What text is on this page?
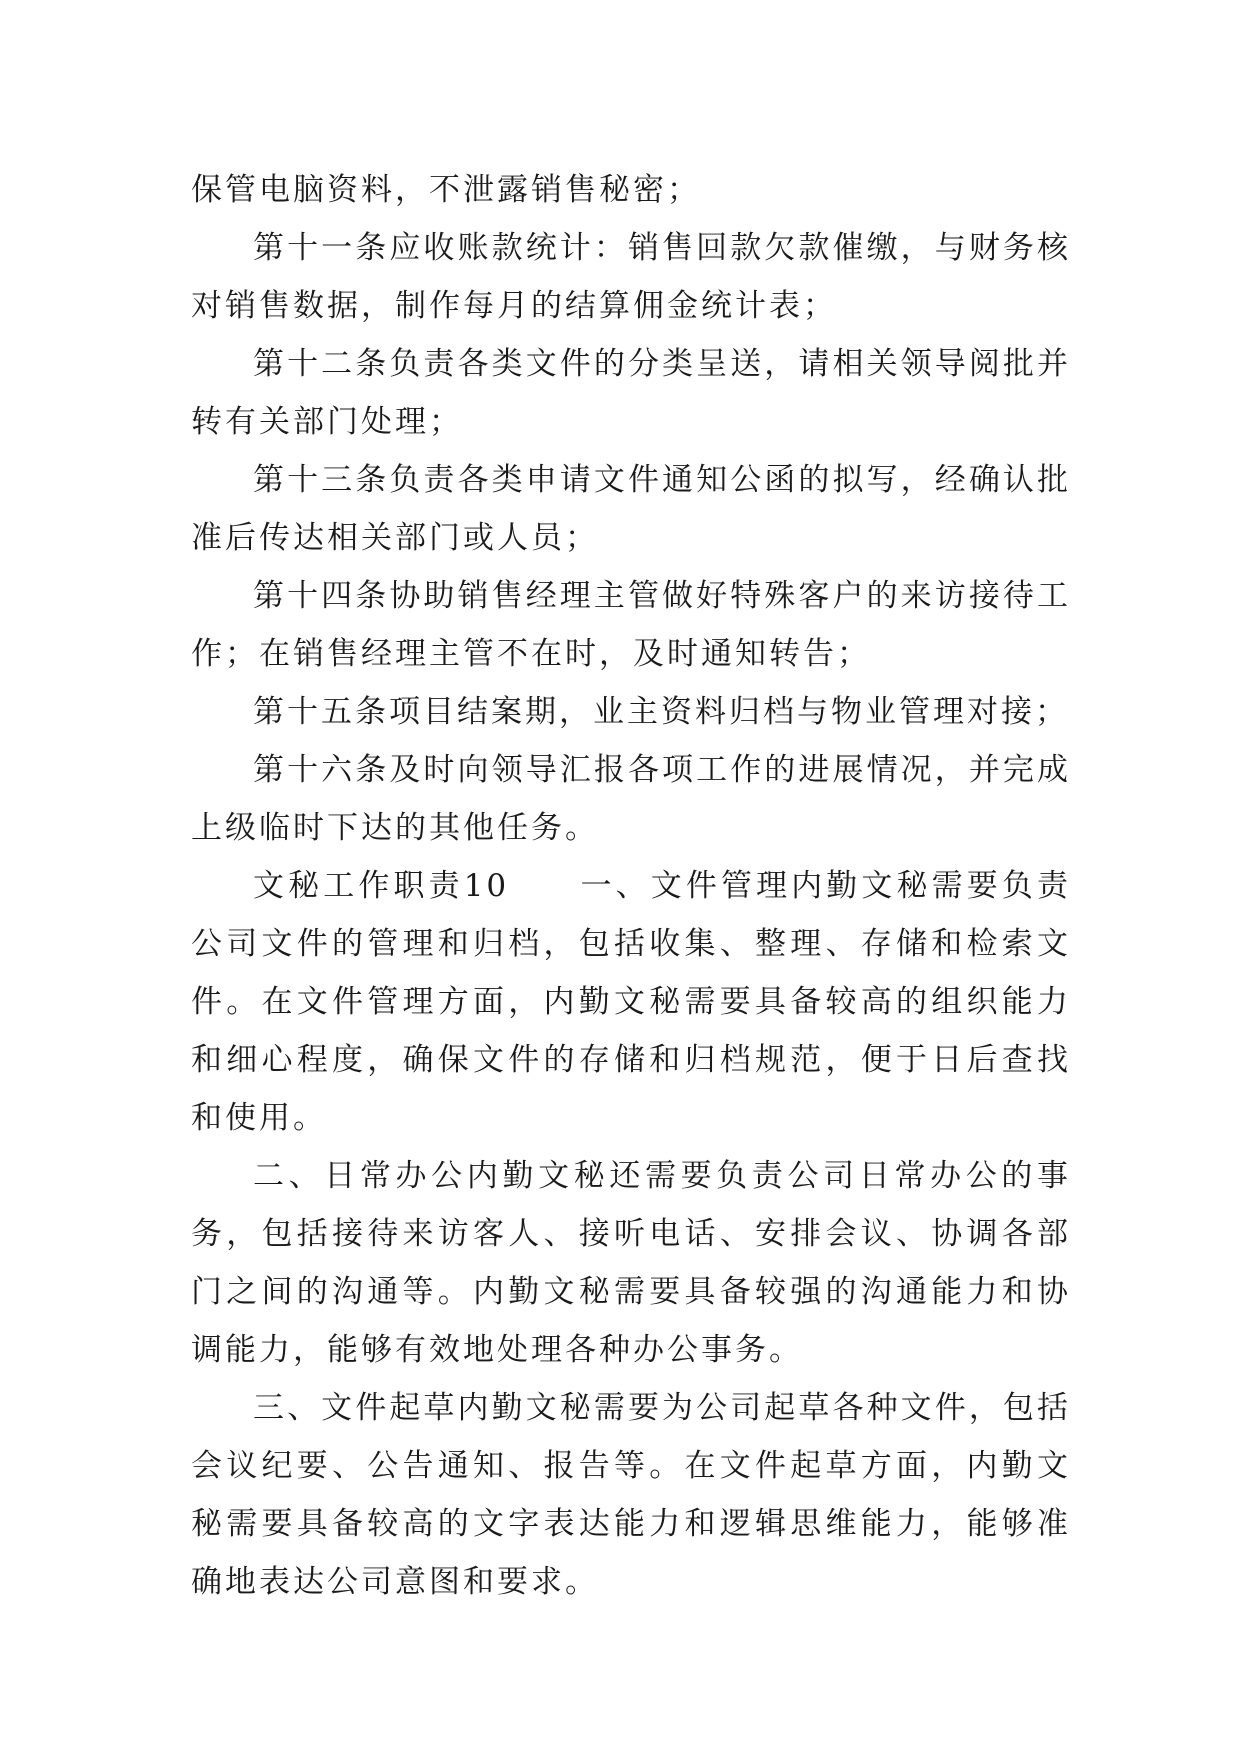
保管电脑资料，不泄露销售秘密；

第十一条应收账款统计：销售回款欠款催缴，与财务核对销售数据，制作每月的结算佣金统计表；

第十二条负责各类文件的分类呈送，请相关领导阅批并转有关部门处理；

第十三条负责各类申请文件通知公函的拟写，经确认批准后传达相关部门或人员；

第十四条协助销售经理主管做好特殊客户的来访接待工作；在销售经理主管不在时，及时通知转告；

第十五条项目结案期，业主资料归档与物业管理对接；

第十六条及时向领导汇报各项工作的进展情况，并完成上级临时下达的其他任务。

文秘工作职责10　　一、文件管理内勤文秘需要负责公司文件的管理和归档，包括收集、整理、存储和检索文件。在文件管理方面，内勤文秘需要具备较高的组织能力和细心程度，确保文件的存储和归档规范，便于日后查找和使用。

二、日常办公内勤文秘还需要负责公司日常办公的事务，包括接待来访客人、接听电话、安排会议、协调各部门之间的沟通等。内勤文秘需要具备较强的沟通能力和协调能力，能够有效地处理各种办公事务。

三、文件起草内勤文秘需要为公司起草各种文件，包括会议纪要、公告通知、报告等。在文件起草方面，内勤文秘需要具备较高的文字表达能力和逻辑思维能力，能够准确地表达公司意图和要求。
